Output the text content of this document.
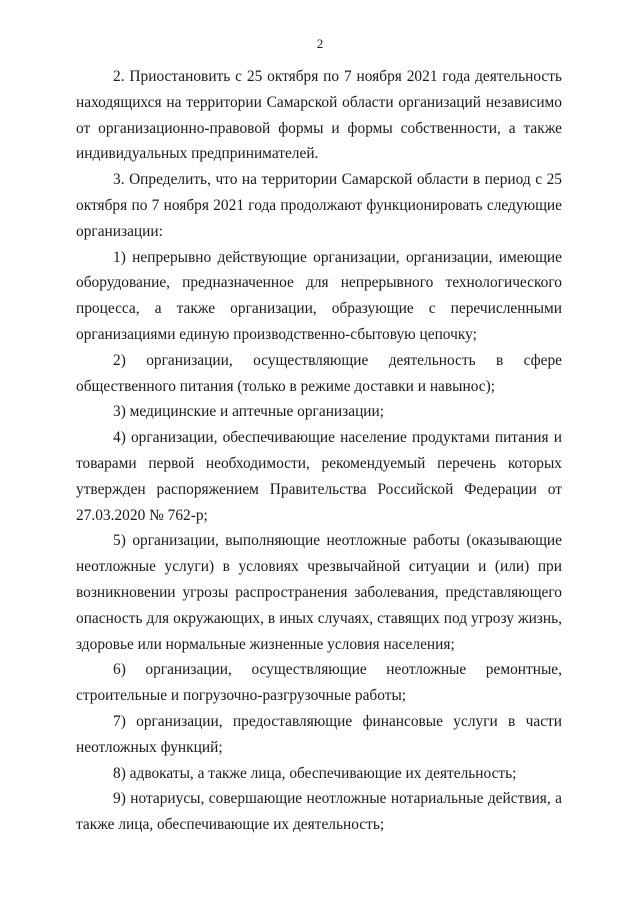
2

2. Приостановить с 25 октября по 7 ноября 2021 года деятельность находящихся на территории Самарской области организаций независимо от организационно-правовой формы и формы собственности, а также индивидуальных предпринимателей.

3. Определить, что на территории Самарской области в период с 25 октября по 7 ноября 2021 года продолжают функционировать следующие организации:

1) непрерывно действующие организации, организации, имеющие оборудование, предназначенное для непрерывного технологического процесса, а также организации, образующие с перечисленными организациями единую производственно-сбытовую цепочку;

2) организации, осуществляющие деятельность в сфере общественного питания (только в режиме доставки и навынос);

3) медицинские и аптечные организации;

4) организации, обеспечивающие население продуктами питания и товарами первой необходимости, рекомендуемый перечень которых утвержден распоряжением Правительства Российской Федерации от 27.03.2020 № 762-р;

5) организации, выполняющие неотложные работы (оказывающие неотложные услуги) в условиях чрезвычайной ситуации и (или) при возникновении угрозы распространения заболевания, представляющего опасность для окружающих, в иных случаях, ставящих под угрозу жизнь, здоровье или нормальные жизненные условия населения;

6) организации, осуществляющие неотложные ремонтные, строительные и погрузочно-разгрузочные работы;

7) организации, предоставляющие финансовые услуги в части неотложных функций;

8) адвокаты, а также лица, обеспечивающие их деятельность;

9) нотариусы, совершающие неотложные нотариальные действия, а также лица, обеспечивающие их деятельность;
